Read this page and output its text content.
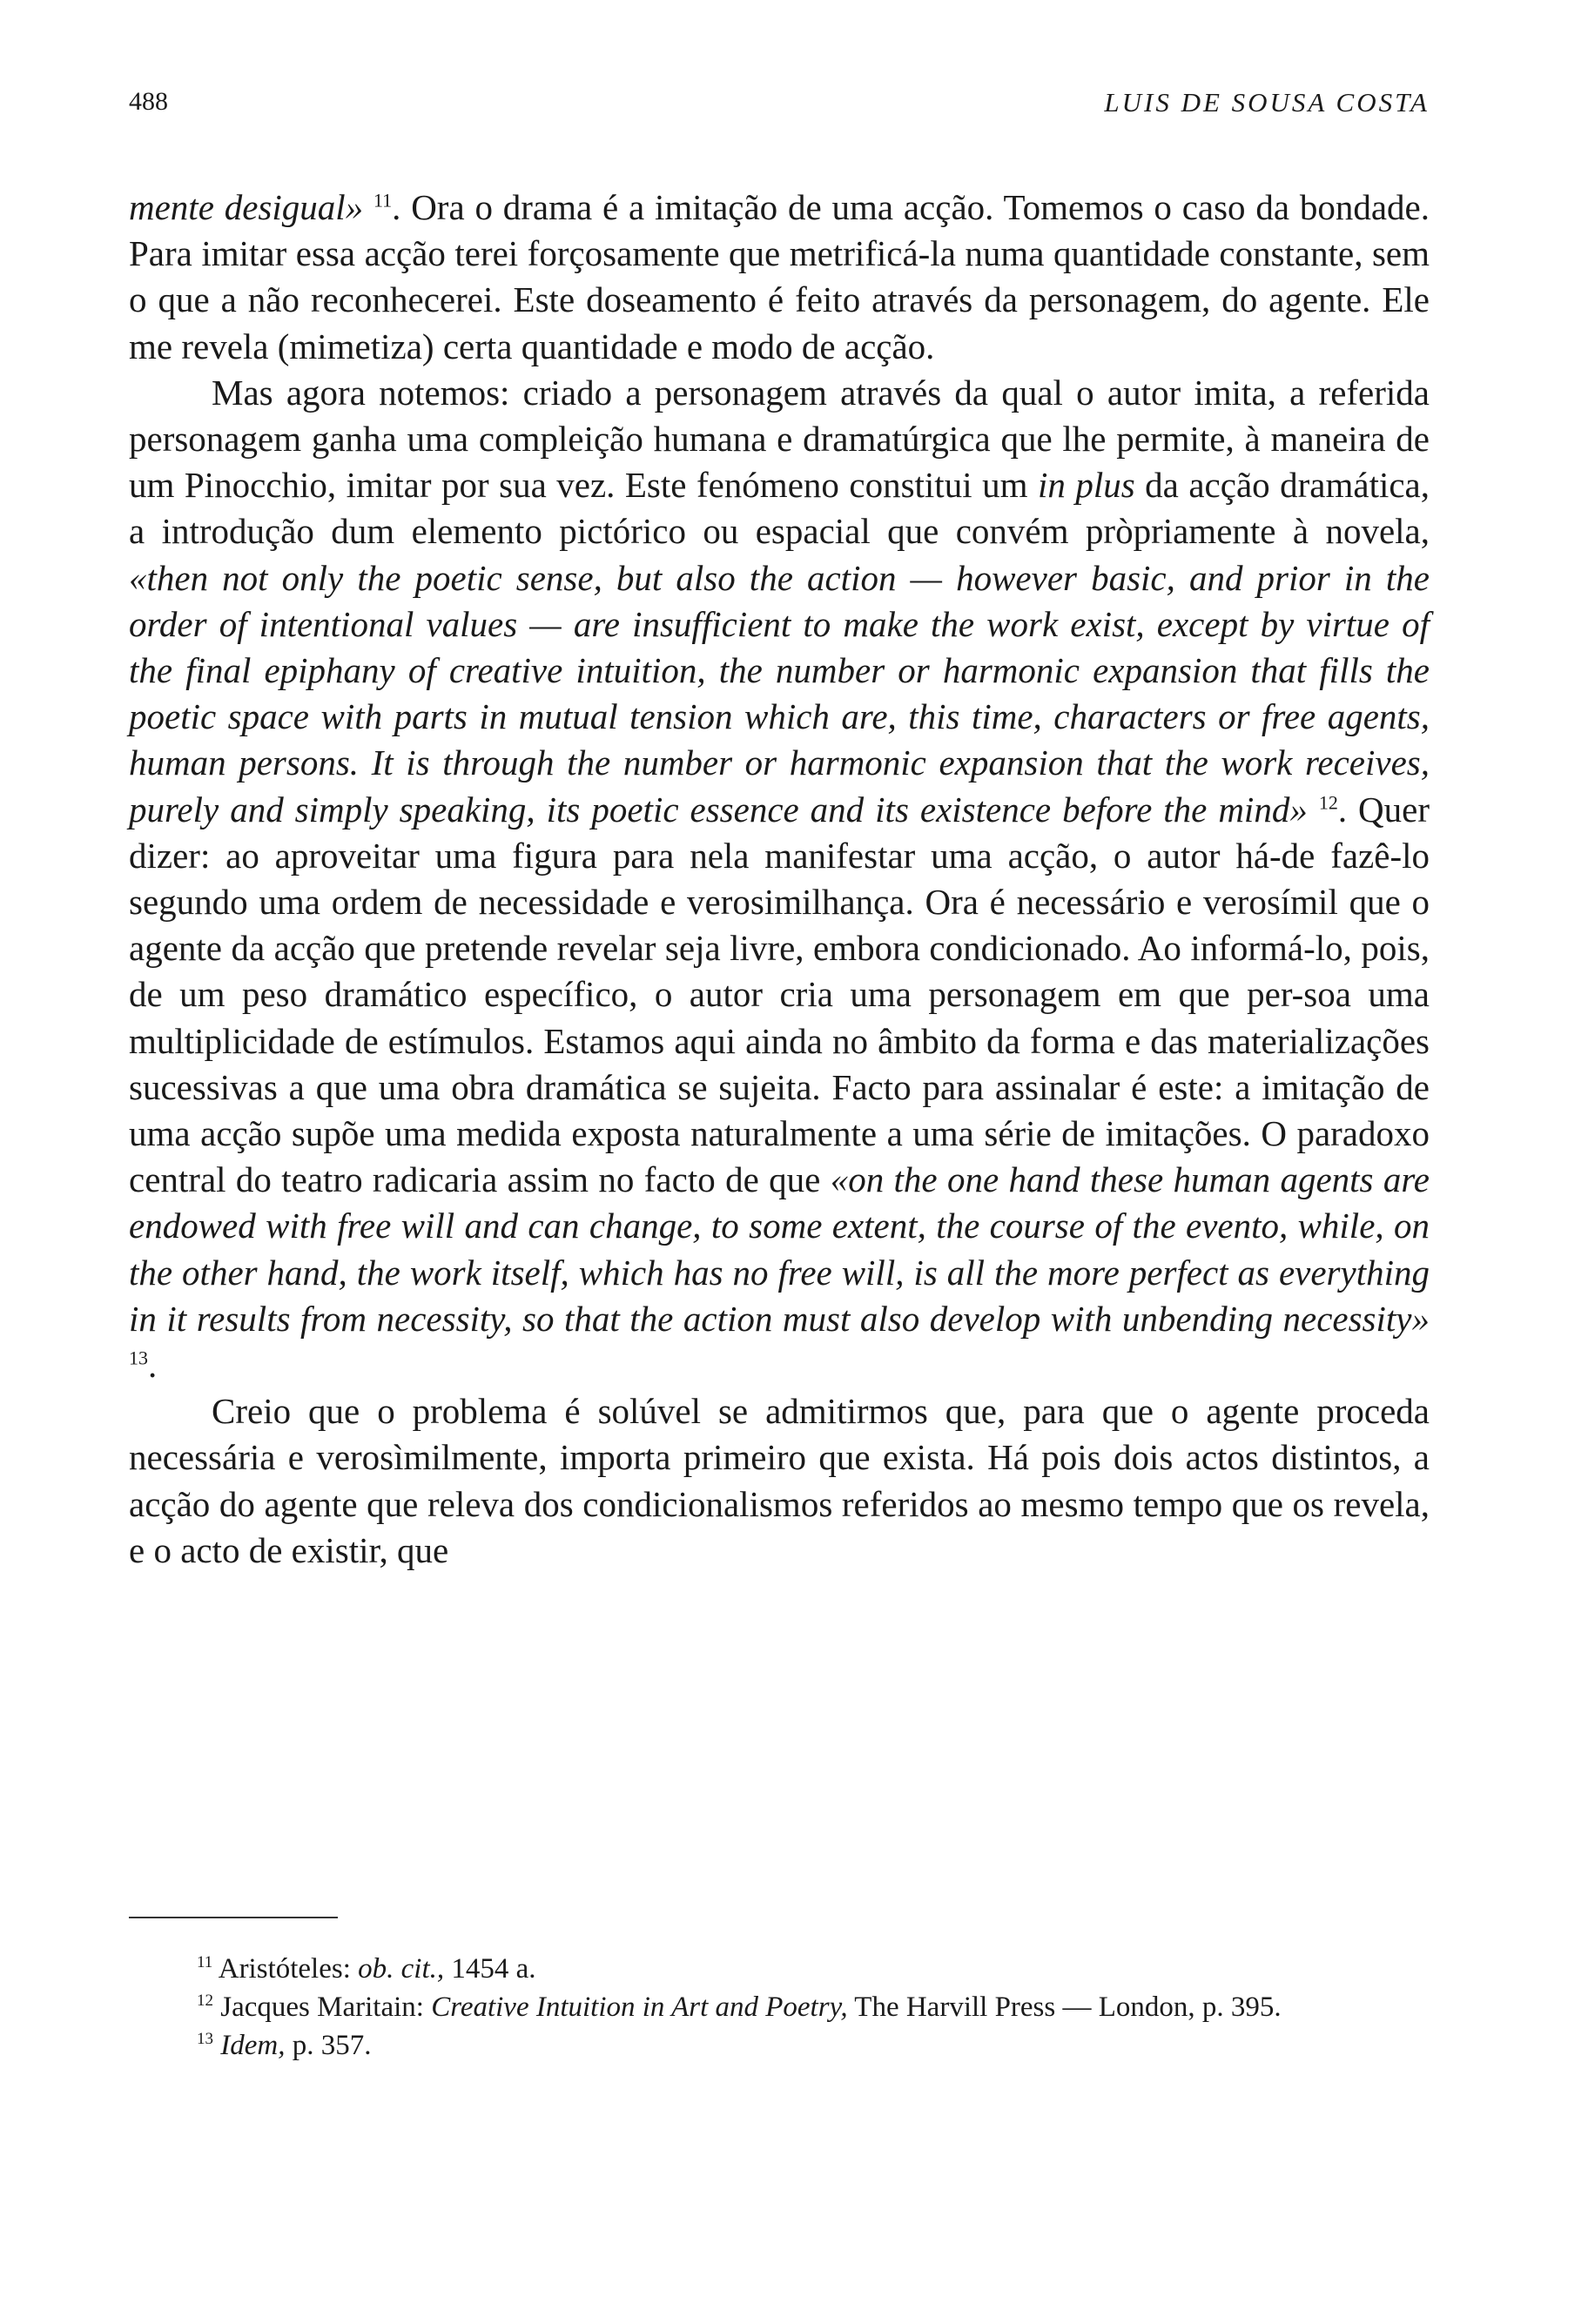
488	LUIS DE SOUSA COSTA

mente desigual» $^{11}$. Ora o drama é a imitação de uma acção. Tomemos o caso da bondade. Para imitar essa acção terei forçosamente que metrificá-la numa quantidade constante, sem o que a não reconhecerei. Este doseamento é feito através da personagem, do agente. Ele me revela (mimetiza) certa quantidade e modo de acção.

Mas agora notemos: criado a personagem através da qual o autor imita, a referida personagem ganha uma compleição humana e dramatúrgica que lhe permite, à maneira de um Pinocchio, imitar por sua vez. Este fenómeno constitui um in plus da acção dramática, a introdução dum elemento pictórico ou espacial que convém pròpriamente à novela, «then not only the poetic sense, but also the action — however basic, and prior in the order of intentional values — are insufficient to make the work exist, except by virtue of the final epiphany of creative intuition, the number or harmonic expansion that fills the poetic space with parts in mutual tension which are, this time, characters or free agents, human persons. It is through the number or harmonic expansion that the work receives, purely and simply speaking, its poetic essence and its existence before the mind» $^{12}$. Quer dizer: ao aproveitar uma figura para nela manifestar uma acção, o autor há-de fazê-lo segundo uma ordem de necessidade e verosimilhança. Ora é necessário e verosímil que o agente da acção que pretende revelar seja livre, embora condicionado. Ao informá-lo, pois, de um peso dramático específico, o autor cria uma personagem em que per-soa uma multiplicidade de estímulos. Estamos aqui ainda no âmbito da forma e das materializações sucessivas a que uma obra dramática se sujeita. Facto para assinalar é este: a imitação de uma acção supõe uma medida exposta naturalmente a uma série de imitações. O paradoxo central do teatro radicaria assim no facto de que «on the one hand these human agents are endowed with free will and can change, to some extent, the course of the evento, while, on the other hand, the work itself, which has no free will, is all the more perfect as everything in it results from necessity, so that the action must also develop with unbending necessity» $^{13}$.

Creio que o problema é solúvel se admitirmos que, para que o agente proceda necessária e verosìmilmente, importa primeiro que exista. Há pois dois actos distintos, a acção do agente que releva dos condicionalismos referidos ao mesmo tempo que os revela, e o acto de existir, que

$^{11}$ Aristóteles: ob. cit., 1454 a.

$^{12}$ Jacques Maritain: Creative Intuition in Art and Poetry, The Harvill Press — London, p. 395.

$^{13}$ Idem, p. 357.
